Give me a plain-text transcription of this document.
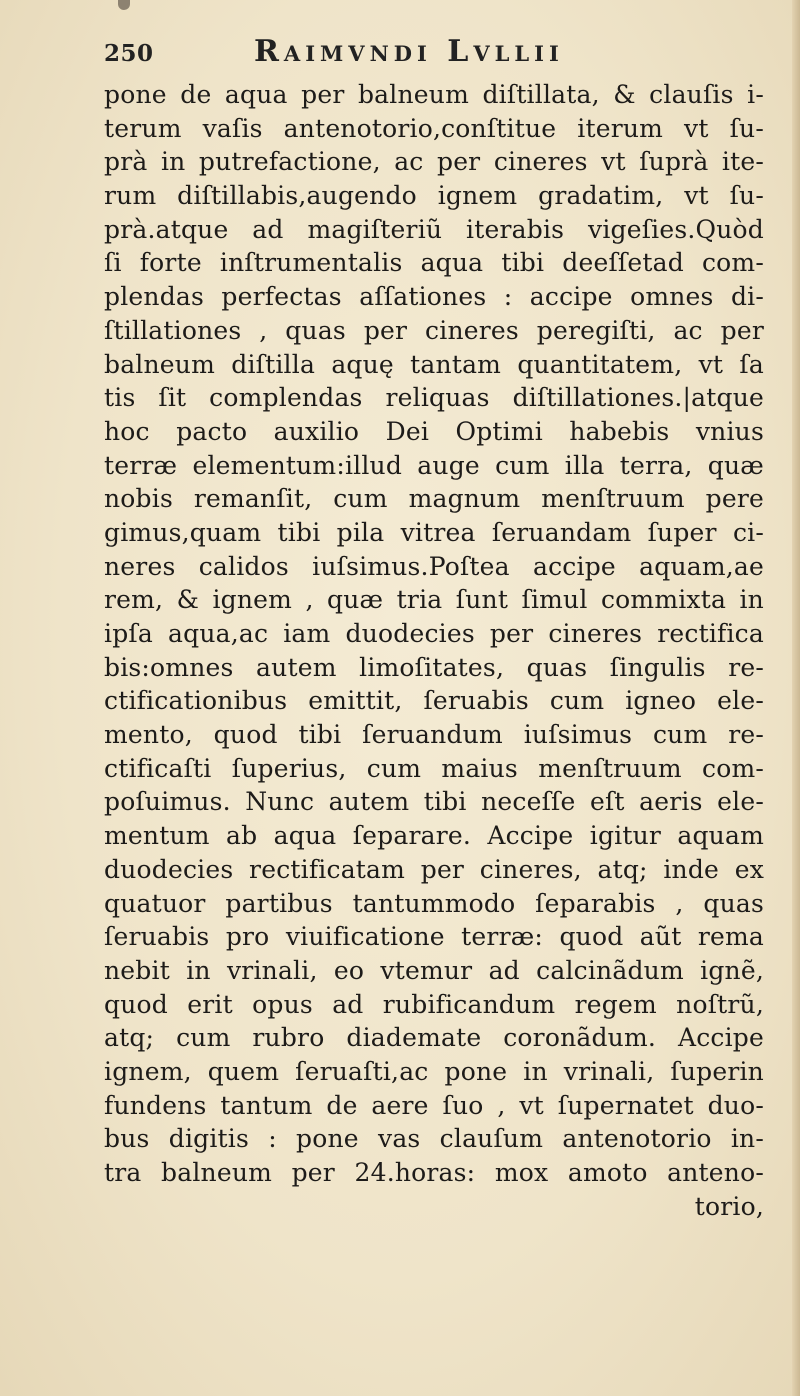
250	Raimvndi Lvllii
pone de aqua per balneum diſtillata, & clauſis i-
terum vaſis antenotorio,conſtitue iterum vt ſu-
prà in putrefactione, ac per cineres vt ſuprà ite-
rum diſtillabis,augendo ignem gradatim, vt ſu-
prà.atque ad magiſteriũ iterabis vigeſies.Quòd
ſi forte inſtrumentalis aqua tibi deeſſetad com-
plendas perfectas aſſationes : accipe omnes di-
ſtillationes , quas per cineres peregiſti, ac per
balneum diſtilla aquę tantam quantitatem, vt ſa
tis ſit complendas reliquas diſtillationes.|atque
hoc pacto auxilio Dei Optimi habebis vnius
terræ elementum:illud auge cum illa terra, quæ
nobis remanſit, cum magnum menſtruum pere
gimus,quam tibi pila vitrea ſeruandam ſuper ci-
neres calidos iuſsimus.Poſtea accipe aquam,ae
rem, & ignem , quæ tria ſunt ſimul commixta in
ipſa aqua,ac iam duodecies per cineres rectifica
bis:omnes autem limoſitates, quas ſingulis re-
ctificationibus emittit, ſeruabis cum igneo ele-
mento, quod tibi ſeruandum iuſsimus cum re-
ctificaſti ſuperius, cum maius menſtruum com-
poſuimus. Nunc autem tibi neceſſe eſt aeris ele-
mentum ab aqua ſeparare. Accipe igitur aquam
duodecies rectificatam per cineres, atq; inde ex
quatuor partibus tantummodo ſeparabis , quas
ſeruabis pro viuificatione terræ: quod aũt rema
nebit in vrinali, eo vtemur ad calcinãdum ignẽ,
quod erit opus ad rubificandum regem noſtrũ,
atq; cum rubro diademate coronãdum. Accipe
ignem, quem ſeruaſti,ac pone in vrinali, ſuperin
fundens tantum de aere ſuo , vt ſupernatet duo-
bus digitis : pone vas clauſum antenotorio in-
tra balneum per 24.horas: mox amoto anteno-
torio,
